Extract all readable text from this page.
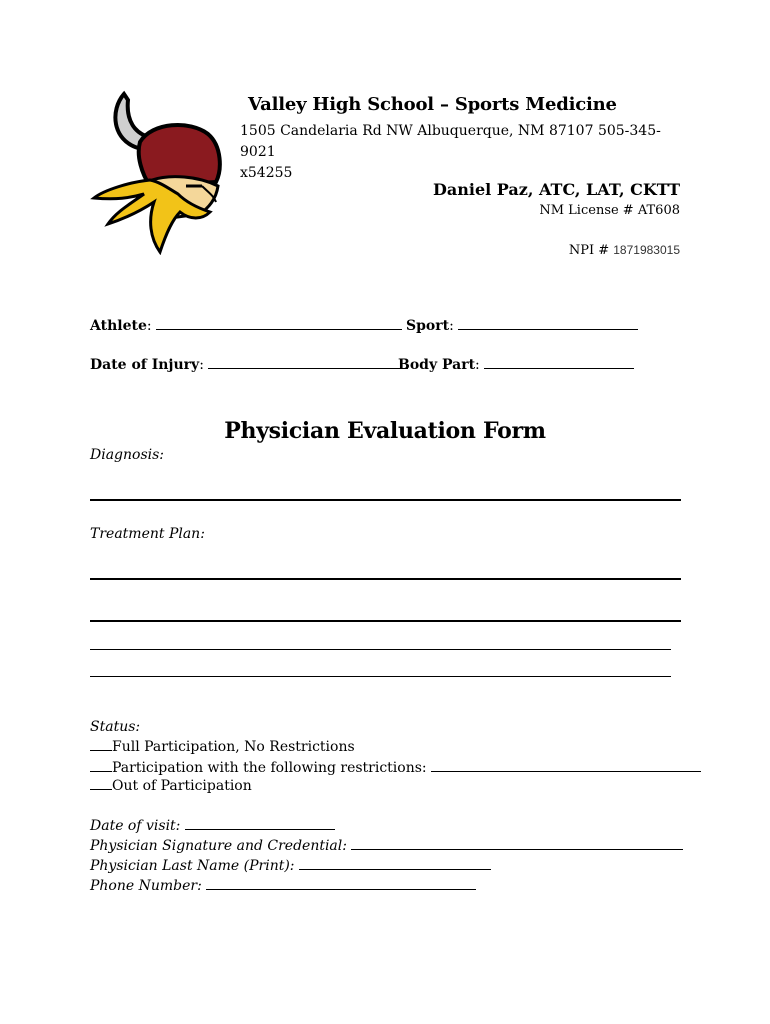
Valley High School – Sports Medicine
1505 Candelaria Rd NW Albuquerque, NM 87107 505-345-9021
x54255
Daniel Paz, ATC, LAT, CKTT
NM License # AT608
NPI # 1871983015
Athlete:	Sport:
Date of Injury:	Body Part:
Physician Evaluation Form
Diagnosis:
Treatment Plan:
Status:
Full Participation, No Restrictions
Participation with the following restrictions:
Out of Participation
Date of visit:
Physician Signature and Credential:
Physician Last Name (Print):
Phone Number:
